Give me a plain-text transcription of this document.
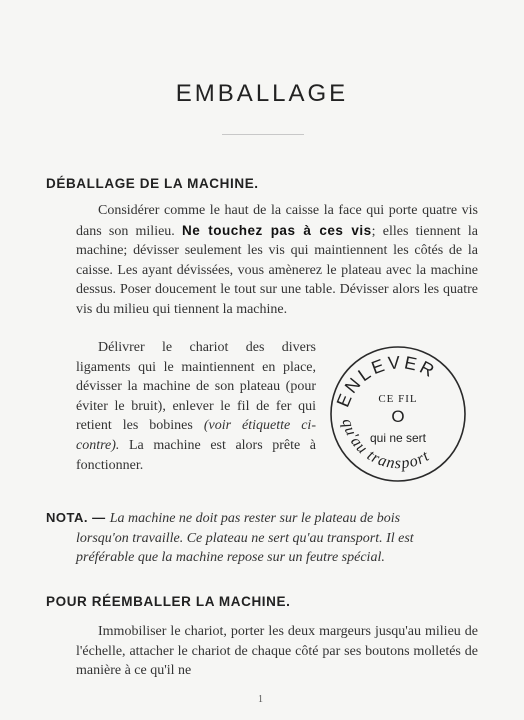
EMBALLAGE
DÉBALLAGE DE LA MACHINE.
Considérer comme le haut de la caisse la face qui porte quatre vis dans son milieu. Ne touchez pas à ces vis; elles tiennent la machine; dévisser seulement les vis qui maintiennent les côtés de la caisse. Les ayant dévissées, vous amènerez le plateau avec la machine dessus. Poser doucement le tout sur une table. Dévisser alors les quatre vis du milieu qui tiennent la machine.
Délivrer le chariot des divers ligaments qui le maintiennent en place, dévisser la machine de son plateau (pour éviter le bruit), enlever le fil de fer qui retient les bobines (voir étiquette ci-contre). La machine est alors prête à fonctionner.
ENLEVER
CE FIL
O
qui ne sert
qu'au transport
NOTA. — La machine ne doit pas rester sur le plateau de bois
lorsqu'on travaille. Ce plateau ne sert qu'au transport. Il est
préférable que la machine repose sur un feutre spécial.
POUR RÉEMBALLER LA MACHINE.
Immobiliser le chariot, porter les deux margeurs jusqu'au milieu de l'échelle, attacher le chariot de chaque côté par ses boutons molletés de manière à ce qu'il ne
1
